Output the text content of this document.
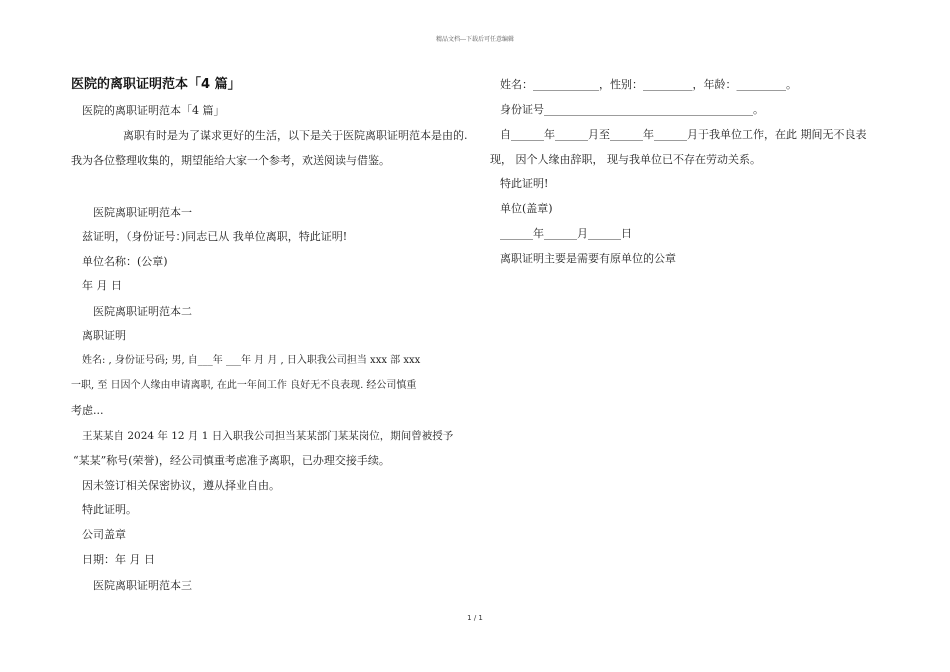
精品文档---下载后可任意编辑
医院的离职证明范本「4 篇」
医院的离职证明范本「4 篇」
离职有时是为了谋求更好的生活，以下是关于医院离职证明范本是由的.
我为各位整理收集的，期望能给大家一个参考，欢送阅读与借鉴。
医院离职证明范本一
兹证明，（身份证号：)同志已从 我单位离职，特此证明!
单位名称：(公章)
年 月 日
医院离职证明范本二
离职证明
姓名: , 身份证号码; 男, 自___年 ___年 月 月 , 日入职我公司担当 xxx 部 xxx
一职, 至 日因个人缘由申请离职, 在此一年间工作 良好无不良表现. 经公司慎重
考虑...
王某某自 2024 年 12 月 1 日入职我公司担当某某部门某某岗位，期间曾被授予
“某某”称号(荣誉)，经公司慎重考虑准予离职，已办理交接手续。
因未签订相关保密协议，遵从择业自由。
特此证明。
公司盖章
日期：年 月 日
医院离职证明范本三
姓名：____________，性别：_________，年龄：_________。
身份证号______________________________________。
自______年______月至______年______月于我单位工作，在此 期间无不良表
现， 因个人缘由辞职， 现与我单位已不存在劳动关系。
特此证明!
单位(盖章)
______年______月______日
离职证明主要是需要有原单位的公章
1 / 1
